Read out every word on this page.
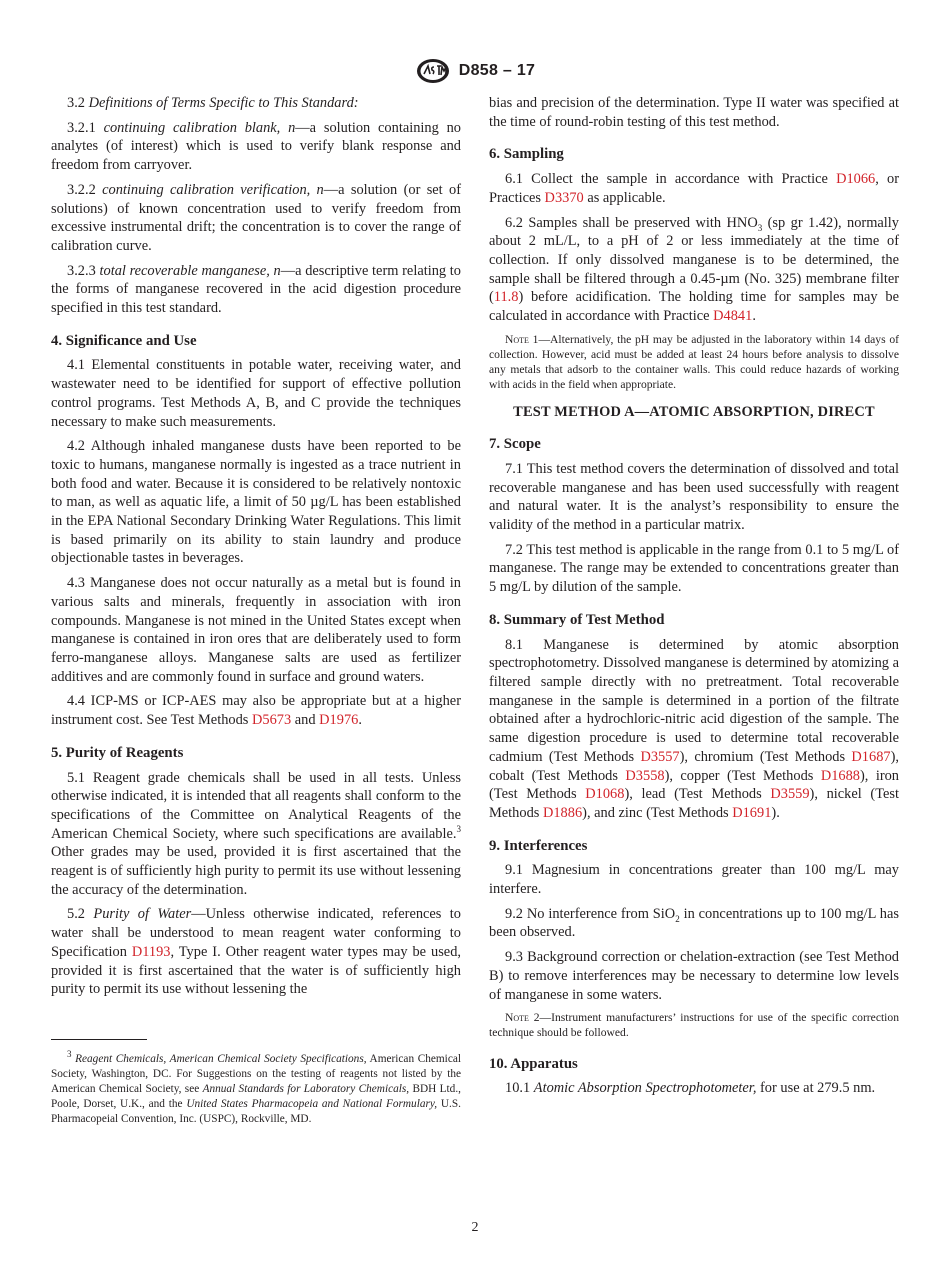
D858 – 17

3.2 Definitions of Terms Specific to This Standard:

3.2.1 continuing calibration blank, n—a solution containing no analytes (of interest) which is used to verify blank response and freedom from carryover.

3.2.2 continuing calibration verification, n—a solution (or set of solutions) of known concentration used to verify freedom from excessive instrumental drift; the concentration is to cover the range of calibration curve.

3.2.3 total recoverable manganese, n—a descriptive term relating to the forms of manganese recovered in the acid digestion procedure specified in this test standard.

4. Significance and Use

4.1 Elemental constituents in potable water, receiving water, and wastewater need to be identified for support of effective pollution control programs. Test Methods A, B, and C provide the techniques necessary to make such measurements.

4.2 Although inhaled manganese dusts have been reported to be toxic to humans, manganese normally is ingested as a trace nutrient in both food and water. Because it is considered to be relatively nontoxic to man, as well as aquatic life, a limit of 50 µg/L has been established in the EPA National Secondary Drinking Water Regulations. This limit is based primarily on its ability to stain laundry and produce objectionable tastes in beverages.

4.3 Manganese does not occur naturally as a metal but is found in various salts and minerals, frequently in association with iron compounds. Manganese is not mined in the United States except when manganese is contained in iron ores that are deliberately used to form ferro-manganese alloys. Manganese salts are used as fertilizer additives and are commonly found in surface and ground waters.

4.4 ICP-MS or ICP-AES may also be appropriate but at a higher instrument cost. See Test Methods D5673 and D1976.

5. Purity of Reagents

5.1 Reagent grade chemicals shall be used in all tests. Unless otherwise indicated, it is intended that all reagents shall conform to the specifications of the Committee on Analytical Reagents of the American Chemical Society, where such specifications are available.$^3$ Other grades may be used, provided it is first ascertained that the reagent is of sufficiently high purity to permit its use without lessening the accuracy of the determination.

5.2 Purity of Water—Unless otherwise indicated, references to water shall be understood to mean reagent water conforming to Specification D1193, Type I. Other reagent water types may be used, provided it is first ascertained that the water is of sufficiently high purity to permit its use without lessening the

$^3$ Reagent Chemicals, American Chemical Society Specifications, American Chemical Society, Washington, DC. For Suggestions on the testing of reagents not listed by the American Chemical Society, see Annual Standards for Laboratory Chemicals, BDH Ltd., Poole, Dorset, U.K., and the United States Pharmacopeia and National Formulary, U.S. Pharmacopeial Convention, Inc. (USPC), Rockville, MD.

bias and precision of the determination. Type II water was specified at the time of round-robin testing of this test method.

6. Sampling

6.1 Collect the sample in accordance with Practice D1066, or Practices D3370 as applicable.

6.2 Samples shall be preserved with $HNO_3$ (sp gr 1.42), normally about 2 mL/L, to a pH of 2 or less immediately at the time of collection. If only dissolved manganese is to be determined, the sample shall be filtered through a 0.45-µm (No. 325) membrane filter (11.8) before acidification. The holding time for samples may be calculated in accordance with Practice D4841.

Note 1—Alternatively, the pH may be adjusted in the laboratory within 14 days of collection. However, acid must be added at least 24 hours before analysis to dissolve any metals that adsorb to the container walls. This could reduce hazards of working with acids in the field when appropriate.

TEST METHOD A—ATOMIC ABSORPTION, DIRECT
7. Scope

7.1 This test method covers the determination of dissolved and total recoverable manganese and has been used successfully with reagent and natural water. It is the analyst’s responsibility to ensure the validity of the method in a particular matrix.

7.2 This test method is applicable in the range from 0.1 to 5 mg/L of manganese. The range may be extended to concentrations greater than 5 mg/L by dilution of the sample.

8. Summary of Test Method

8.1 Manganese is determined by atomic absorption spectrophotometry. Dissolved manganese is determined by atomizing a filtered sample directly with no pretreatment. Total recoverable manganese in the sample is determined in a portion of the filtrate obtained after a hydrochloric-nitric acid digestion of the sample. The same digestion procedure is used to determine total recoverable cadmium (Test Methods D3557), chromium (Test Methods D1687), cobalt (Test Methods D3558), copper (Test Methods D1688), iron (Test Methods D1068), lead (Test Methods D3559), nickel (Test Methods D1886), and zinc (Test Methods D1691).

9. Interferences

9.1 Magnesium in concentrations greater than 100 mg/L may interfere.

9.2 No interference from SiO$_2$ in concentrations up to 100 mg/L has been observed.

9.3 Background correction or chelation-extraction (see Test Method B) to remove interferences may be necessary to determine low levels of manganese in some waters.

Note 2—Instrument manufacturers’ instructions for use of the specific correction technique should be followed.

10. Apparatus

10.1 Atomic Absorption Spectrophotometer, for use at 279.5 nm.

2
